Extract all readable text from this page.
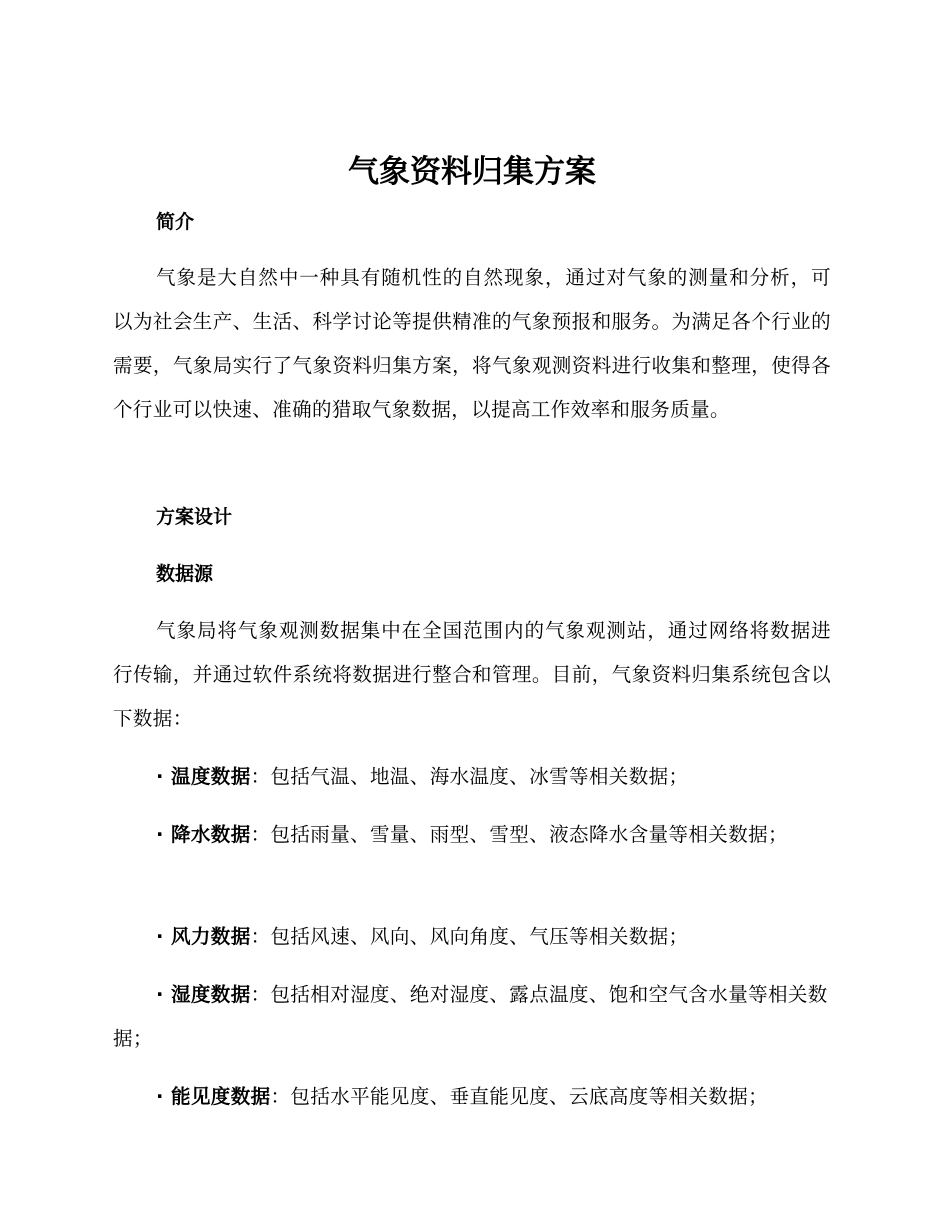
气象资料归集方案
简介

气象是大自然中一种具有随机性的自然现象，通过对气象的测量和分析，可以为社会生产、生活、科学讨论等提供精准的气象预报和服务。为满足各个行业的需要，气象局实行了气象资料归集方案，将气象观测资料进行收集和整理，使得各个行业可以快速、准确的猎取气象数据，以提高工作效率和服务质量。

方案设计
数据源

气象局将气象观测数据集中在全国范围内的气象观测站，通过网络将数据进行传输，并通过软件系统将数据进行整合和管理。目前，气象资料归集系统包含以下数据：

· 温度数据：包括气温、地温、海水温度、冰雪等相关数据；

· 降水数据：包括雨量、雪量、雨型、雪型、液态降水含量等相关数据；

· 风力数据：包括风速、风向、风向角度、气压等相关数据；

· 湿度数据：包括相对湿度、绝对湿度、露点温度、饱和空气含水量等相关数据；

· 能见度数据：包括水平能见度、垂直能见度、云底高度等相关数据；
